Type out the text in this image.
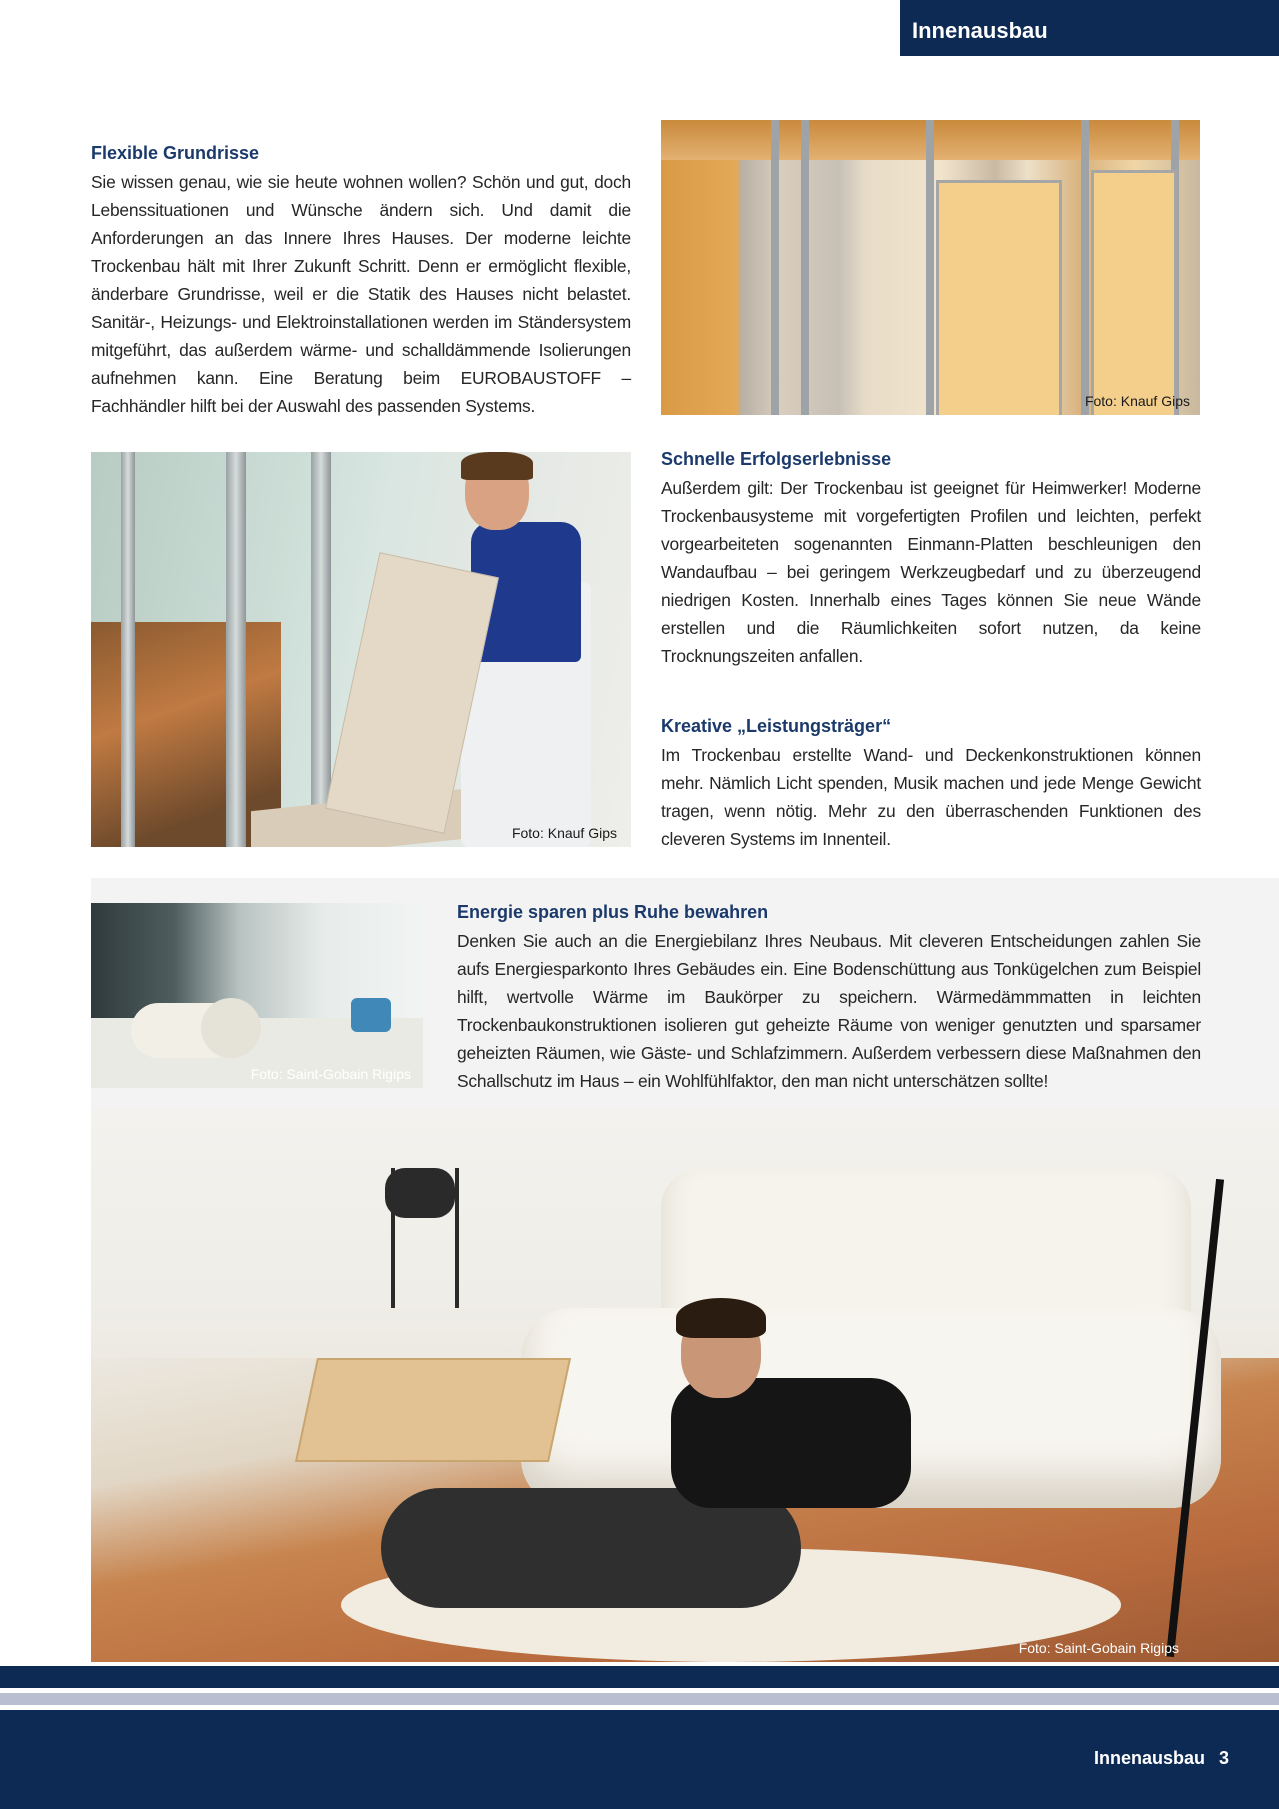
Innenausbau
Flexible Grundrisse

Sie wissen genau, wie sie heute wohnen wollen? Schön und gut, doch Lebenssituationen und Wünsche ändern sich. Und damit die Anforderungen an das Innere Ihres Hauses. Der moderne leichte Trockenbau hält mit Ihrer Zukunft Schritt. Denn er ermöglicht flexible, änderbare Grundrisse, weil er die Statik des Hauses nicht belastet. Sanitär-, Heizungs- und Elektroinstallationen werden im Ständersystem mitgeführt, das außerdem wärme- und schalldämmende Isolierungen aufnehmen kann. Eine Beratung beim EUROBAUSTOFF – Fachhändler hilft bei der Auswahl des passenden Systems.	Foto: Knauf Gips
Foto: Knauf Gips
Schnelle Erfolgserlebnisse

Außerdem gilt: Der Trockenbau ist geeignet für Heimwerker! Moderne Trockenbausysteme mit vorgefertigten Profilen und leichten, perfekt vorgearbeiteten sogenannten Einmann-Platten beschleunigen den Wandaufbau – bei geringem Werkzeugbedarf und zu überzeugend niedrigen Kosten. Innerhalb eines Tages können Sie neue Wände erstellen und die Räumlichkeiten sofort nutzen, da keine Trocknungszeiten anfallen.

Kreative „Leistungsträger“

Im Trockenbau erstellte Wand- und Deckenkonstruktionen können mehr. Nämlich Licht spenden, Musik machen und jede Menge Gewicht tragen, wenn nötig. Mehr zu den überraschenden Funktionen des cleveren Systems im Innenteil.

Foto: Saint-Gobain Rigips
Energie sparen plus Ruhe bewahren

Denken Sie auch an die Energiebilanz Ihres Neubaus. Mit cleveren Entscheidungen zahlen Sie aufs Energiesparkonto Ihres Gebäudes ein. Eine Bodenschüttung aus Tonkügelchen zum Beispiel hilft, wertvolle Wärme im Baukörper zu speichern. Wärmedämmmatten in leichten Trockenbaukonstruktionen isolieren gut geheizte Räume von weniger genutzten und sparsamer geheizten Räumen, wie Gäste- und Schlafzimmern. Außerdem verbessern diese Maßnahmen den Schallschutz im Haus – ein Wohlfühlfaktor, den man nicht unterschätzen sollte!

Foto: Saint-Gobain Rigips
Innenausbau 3
